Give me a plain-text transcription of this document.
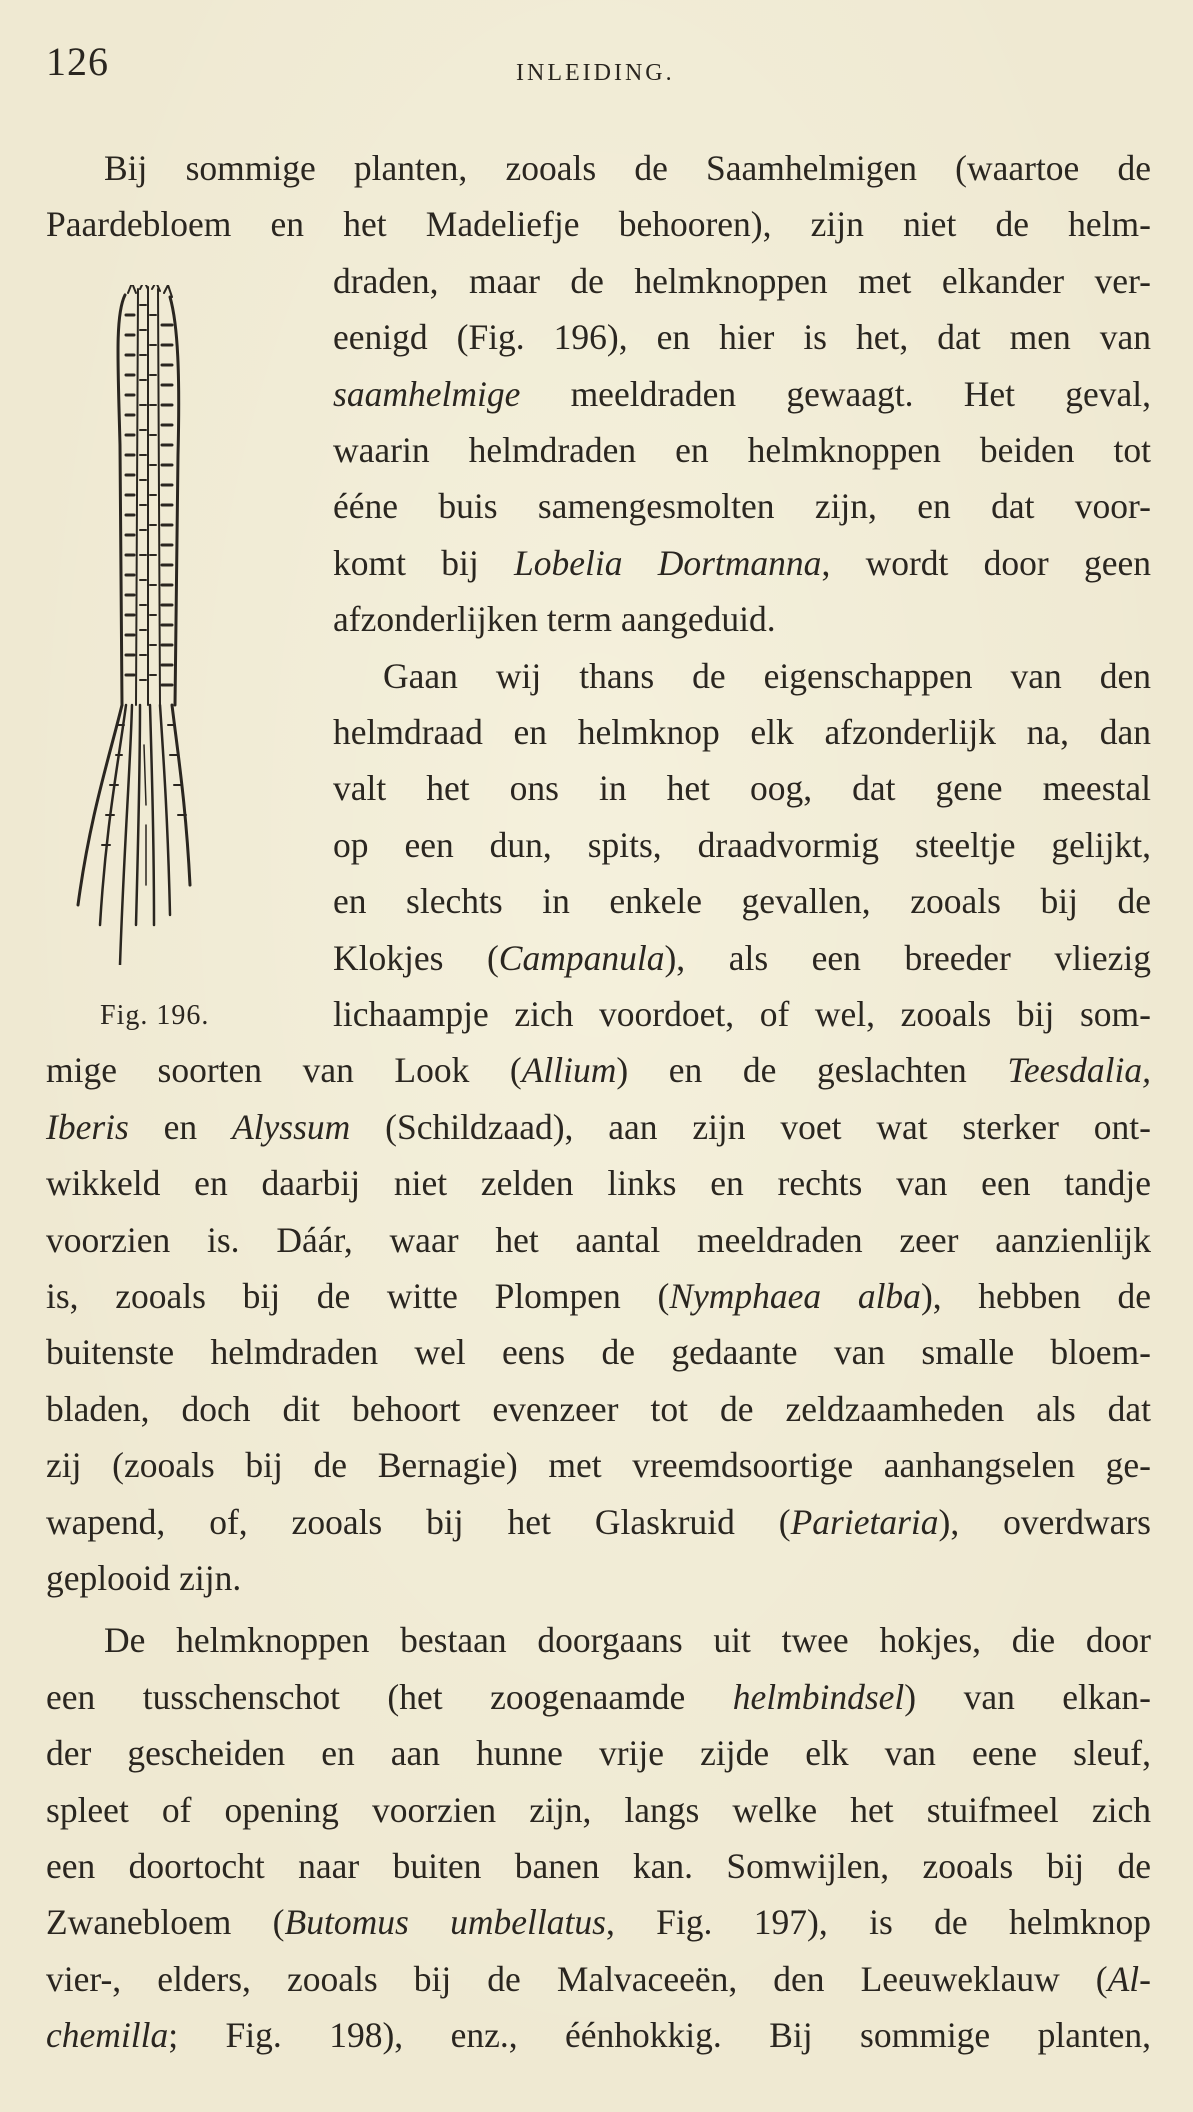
126	INLEIDING.
Fig. 196.
Bij sommige planten, zooals de Saamhelmigen (waartoe de
Paardebloem en het Madeliefje behooren), zijn niet de helm-
draden, maar de helmknoppen met elkander ver-
eenigd (Fig. 196), en hier is het, dat men van
saamhelmige meeldraden gewaagt. Het geval,
waarin helmdraden en helmknoppen beiden tot
ééne buis samengesmolten zijn, en dat voor-
komt bij Lobelia Dortmanna, wordt door geen
afzonderlijken term aangeduid.
Gaan wij thans de eigenschappen van den
helmdraad en helmknop elk afzonderlijk na, dan
valt het ons in het oog, dat gene meestal
op een dun, spits, draadvormig steeltje gelijkt,
en slechts in enkele gevallen, zooals bij de
Klokjes (Campanula), als een breeder vliezig
lichaampje zich voordoet, of wel, zooals bij som-
mige soorten van Look (Allium) en de geslachten Teesdalia,
Iberis en Alyssum (Schildzaad), aan zijn voet wat sterker ont-
wikkeld en daarbij niet zelden links en rechts van een tandje
voorzien is. Dáár, waar het aantal meeldraden zeer aanzienlijk
is, zooals bij de witte Plompen (Nymphaea alba), hebben de
buitenste helmdraden wel eens de gedaante van smalle bloem-
bladen, doch dit behoort evenzeer tot de zeldzaamheden als dat
zij (zooals bij de Bernagie) met vreemdsoortige aanhangselen ge-
wapend, of, zooals bij het Glaskruid (Parietaria), overdwars
geplooid zijn.
De helmknoppen bestaan doorgaans uit twee hokjes, die door
een tusschenschot (het zoogenaamde helmbindsel) van elkan-
der gescheiden en aan hunne vrije zijde elk van eene sleuf,
spleet of opening voorzien zijn, langs welke het stuifmeel zich
een doortocht naar buiten banen kan. Somwijlen, zooals bij de
Zwanebloem (Butomus umbellatus, Fig. 197), is de helmknop
vier-, elders, zooals bij de Malvaceeën, den Leeuweklauw (Al-
chemilla; Fig. 198), enz., éénhokkig. Bij sommige planten,
